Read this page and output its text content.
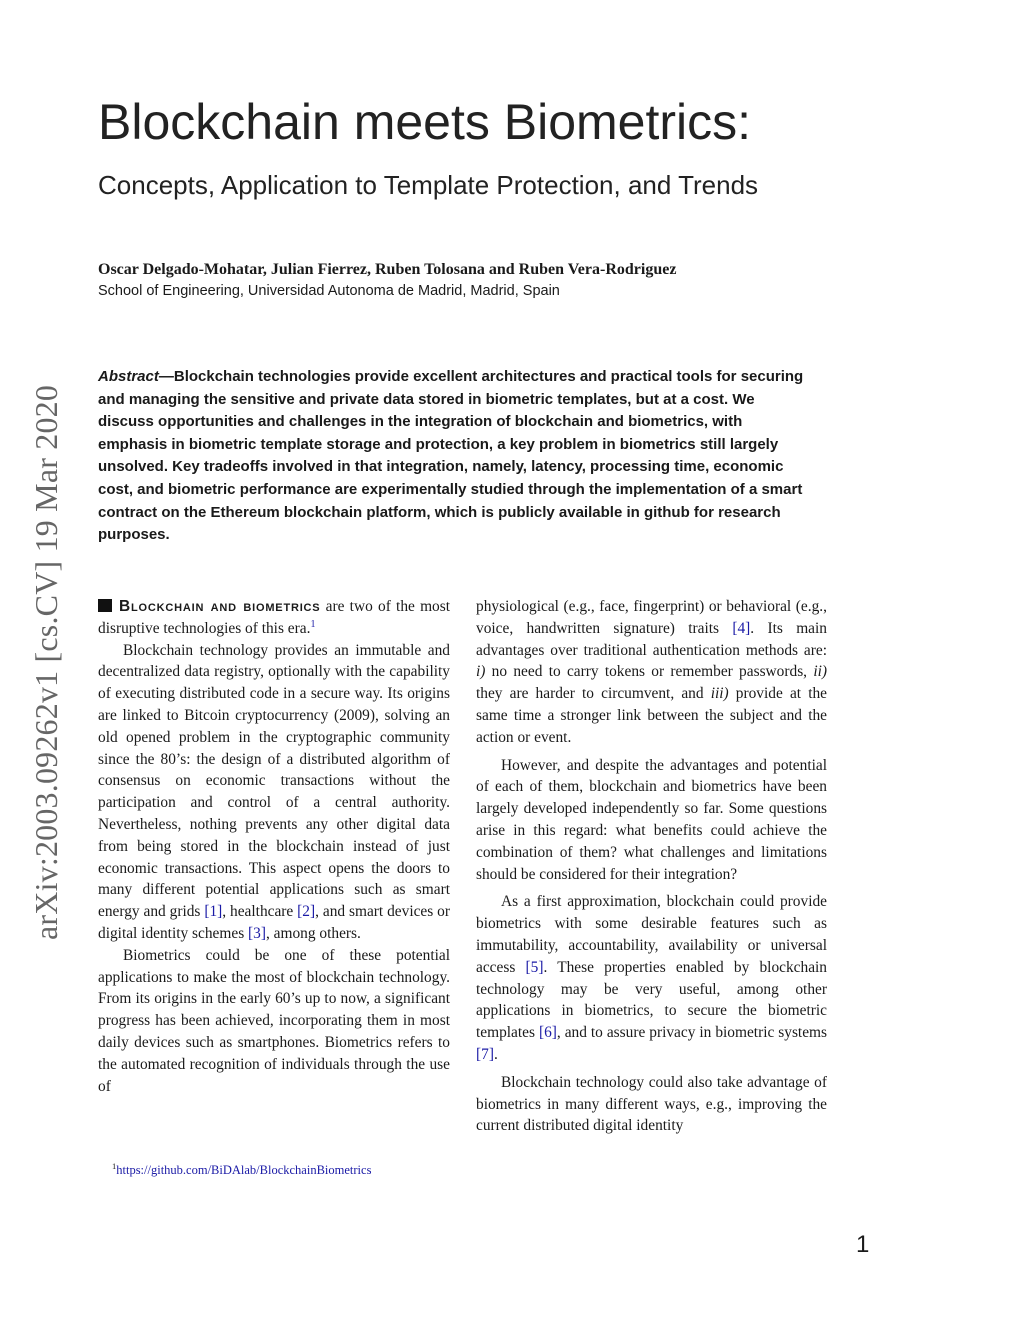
Blockchain meets Biometrics:
Concepts, Application to Template Protection, and Trends
Oscar Delgado-Mohatar, Julian Fierrez, Ruben Tolosana and Ruben Vera-Rodriguez
School of Engineering, Universidad Autonoma de Madrid, Madrid, Spain
arXiv:2003.09262v1 [cs.CV] 19 Mar 2020

Abstract—Blockchain technologies provide excellent architectures and practical tools for securing and managing the sensitive and private data stored in biometric templates, but at a cost. We discuss opportunities and challenges in the integration of blockchain and biometrics, with emphasis in biometric template storage and protection, a key problem in biometrics still largely unsolved. Key tradeoffs involved in that integration, namely, latency, processing time, economic cost, and biometric performance are experimentally studied through the implementation of a smart contract on the Ethereum blockchain platform, which is publicly available in github for research purposes.

Blockchain and biometrics are two of the most disruptive technologies of this era.$^1$

Blockchain technology provides an immutable and decentralized data registry, optionally with the capability of executing distributed code in a secure way. Its origins are linked to Bitcoin cryptocurrency (2009), solving an old opened problem in the cryptographic community since the 80’s: the design of a distributed algorithm of consensus on economic transactions without the participation and control of a central authority. Nevertheless, nothing prevents any other digital data from being stored in the blockchain instead of just economic transactions. This aspect opens the doors to many different potential applications such as smart energy and grids [1], healthcare [2], and smart devices or digital identity schemes [3], among others.

Biometrics could be one of these potential applications to make the most of blockchain technology. From its origins in the early 60’s up to now, a significant progress has been achieved, incorporating them in most daily devices such as smartphones. Biometrics refers to the automated recognition of individuals through the use of

physiological (e.g., face, fingerprint) or behavioral (e.g., voice, handwritten signature) traits [4]. Its main advantages over traditional authentication methods are: i) no need to carry tokens or remember passwords, ii) they are harder to circumvent, and iii) provide at the same time a stronger link between the subject and the action or event.

However, and despite the advantages and potential of each of them, blockchain and biometrics have been largely developed independently so far. Some questions arise in this regard: what benefits could achieve the combination of them? what challenges and limitations should be considered for their integration?

As a first approximation, blockchain could provide biometrics with some desirable features such as immutability, accountability, availability or universal access [5]. These properties enabled by blockchain technology may be very useful, among other applications in biometrics, to secure the biometric templates [6], and to assure privacy in biometric systems [7].

Blockchain technology could also take advantage of biometrics in many different ways, e.g., improving the current distributed digital identity

$^1$https://github.com/BiDAlab/BlockchainBiometrics
1
